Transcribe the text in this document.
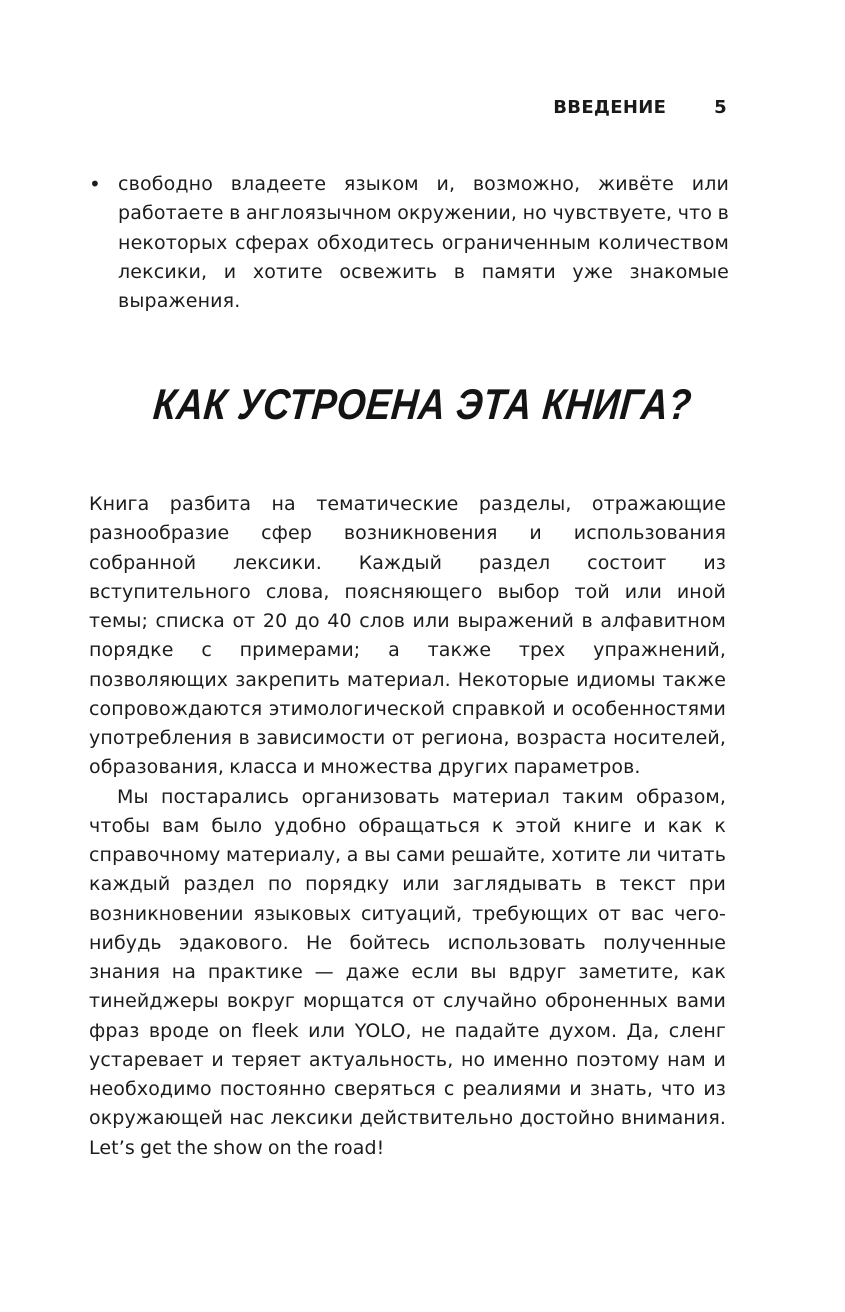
ВВЕДЕНИЕ	5
• свободно владеете языком и, возможно, живёте или работаете в англоязычном окружении, но чувствуете, что в некоторых сферах обходитесь ограниченным количеством лексики, и хотите освежить в памяти уже знакомые выражения.
КАК УСТРОЕНА ЭТА КНИГА?

Книга разбита на тематические разделы, отражающие разнообразие сфер возникновения и использования собранной лексики. Каждый раздел состоит из вступительного слова, поясняющего выбор той или иной темы; списка от 20 до 40 слов или выражений в алфавитном порядке с примерами; а также трех упражнений, позволяющих закрепить материал. Некоторые идиомы также сопровождаются этимологической справкой и особенностями употребления в зависимости от региона, возраста носителей, образования, класса и множества других параметров.

Мы постарались организовать материал таким образом, чтобы вам было удобно обращаться к этой книге и как к справочному материалу, а вы сами решайте, хотите ли читать каждый раздел по порядку или заглядывать в текст при возникновении языковых ситуаций, требующих от вас чего-нибудь эдакового. Не бойтесь использовать полученные знания на практике — даже если вы вдруг заметите, как тинейджеры вокруг морщатся от случайно оброненных вами фраз вроде on fleek или YOLO, не падайте духом. Да, сленг устаревает и теряет актуальность, но именно поэтому нам и необходимо постоянно сверяться с реалиями и знать, что из окружающей нас лексики действительно достойно внимания. Let’s get the show on the road!
